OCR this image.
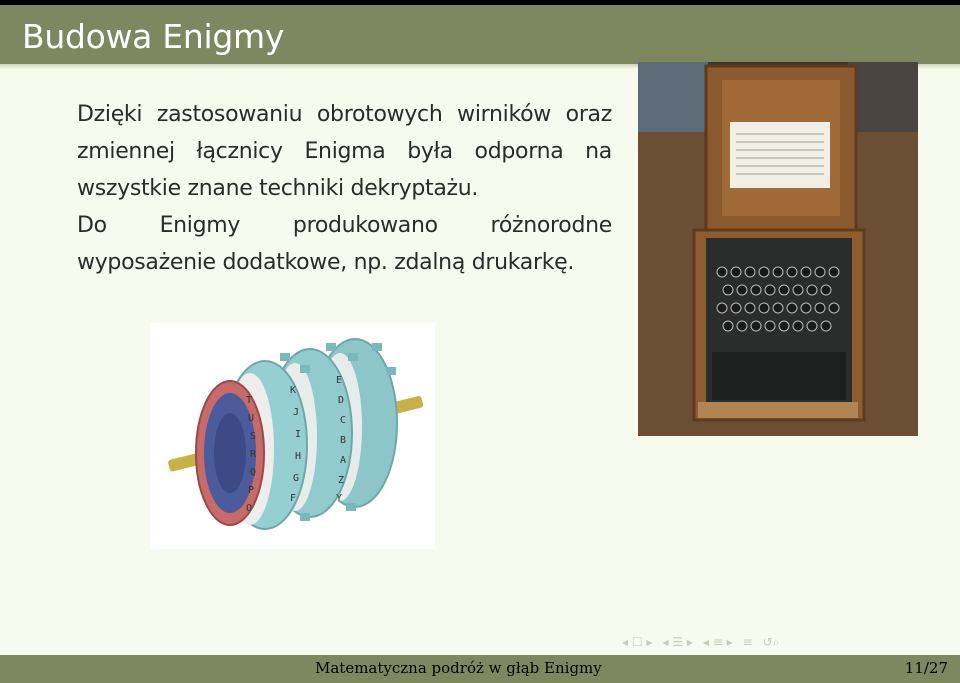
Budowa Enigmy

Dzięki zastosowaniu obrotowych wirników oraz zmiennej łącznicy Enigma była odporna na wszystkie znane techniki dekryptażu.

Do Enigmy produkowano różnorodne wyposażenie dodatkowe, np. zdalną drukarkę.

T
U
S
R
Q
P
O
K
J
I
H
G
F
E
D
C
B
A
Z
Y
◂ ☐ ▸ ◂ ☰ ▸ ◂ ≡ ▸ ≡ ↺⌕
Matematyczna podróż w głąb Enigmy	11/27
